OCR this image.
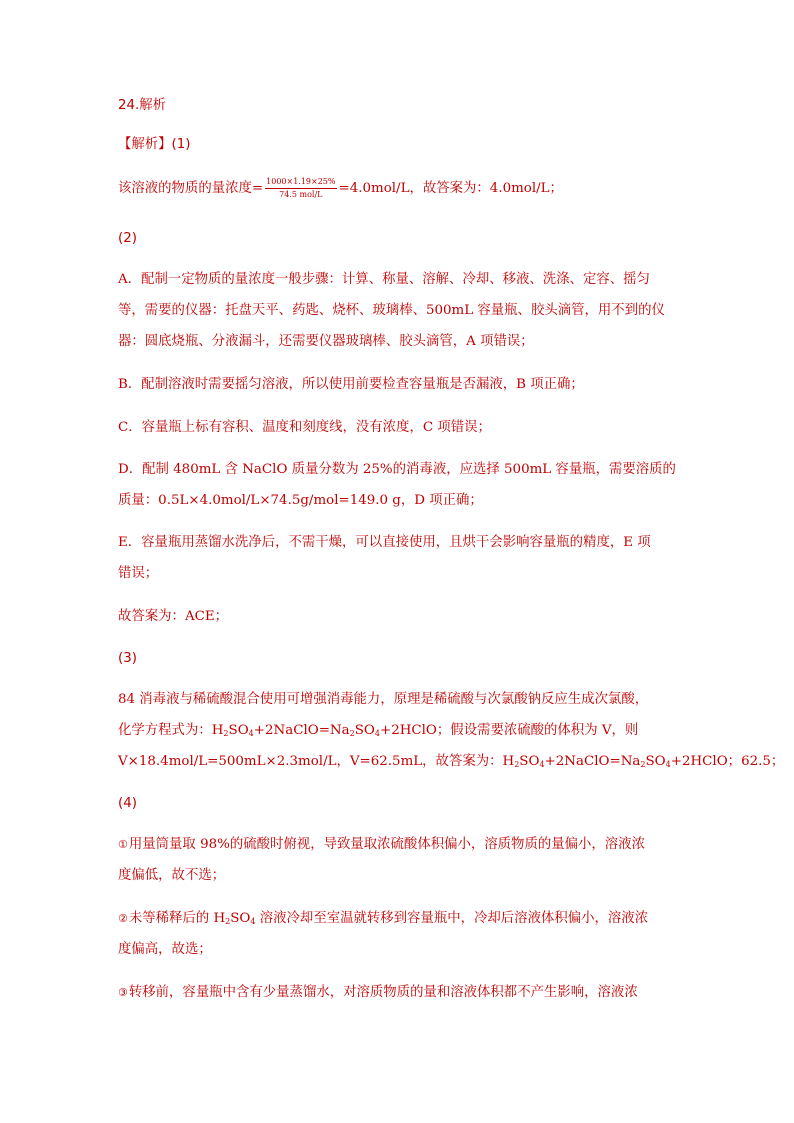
24.解析
【解析】(1)
该溶液的物质的量浓度= $\frac{1000\times 1.19\times 25\%}{\text{74.5 mol/L}} =4.0mol/L$，故答案为：4.0mol/L；
(2)
A．配制一定物质的量浓度一般步骤：计算、称量、溶解、冷却、移液、洗涤、定容、摇匀
等，需要的仪器：托盘天平、药匙、烧杯、玻璃棒、500mL 容量瓶、胶头滴管，用不到的仪
器：圆底烧瓶、分液漏斗，还需要仪器玻璃棒、胶头滴管，A 项错误；
B．配制溶液时需要摇匀溶液，所以使用前要检查容量瓶是否漏液，B 项正确；
C．容量瓶上标有容积、温度和刻度线，没有浓度，C 项错误；
D．配制 480mL 含 NaClO 质量分数为 25%的消毒液，应选择 500mL 容量瓶，需要溶质的
质量：0.5L×4.0mol/L×74.5g/mol=149.0 g，D 项正确；
E．容量瓶用蒸馏水洗净后，不需干燥，可以直接使用，且烘干会影响容量瓶的精度，E 项
错误；
故答案为：ACE；
(3)
84 消毒液与稀硫酸混合使用可增强消毒能力，原理是稀硫酸与次氯酸钠反应生成次氯酸，
化学方程式为：$H_2SO_4+2NaClO=Na_2SO_4+2HClO$；假设需要浓硫酸的体积为 V，则
V×18.4mol/L=500mL×2.3mol/L，V=62.5mL，故答案为：$H_2SO_4+2NaClO=Na_2SO_4+2HClO$；62.5；
(4)
①用量筒量取 98%的硫酸时俯视，导致量取浓硫酸体积偏小，溶质物质的量偏小，溶液浓
度偏低，故不选；
②未等稀释后的 $H_2SO_4$ 溶液冷却至室温就转移到容量瓶中，冷却后溶液体积偏小，溶液浓
度偏高，故选；
③转移前，容量瓶中含有少量蒸馏水，对溶质物质的量和溶液体积都不产生影响，溶液浓
